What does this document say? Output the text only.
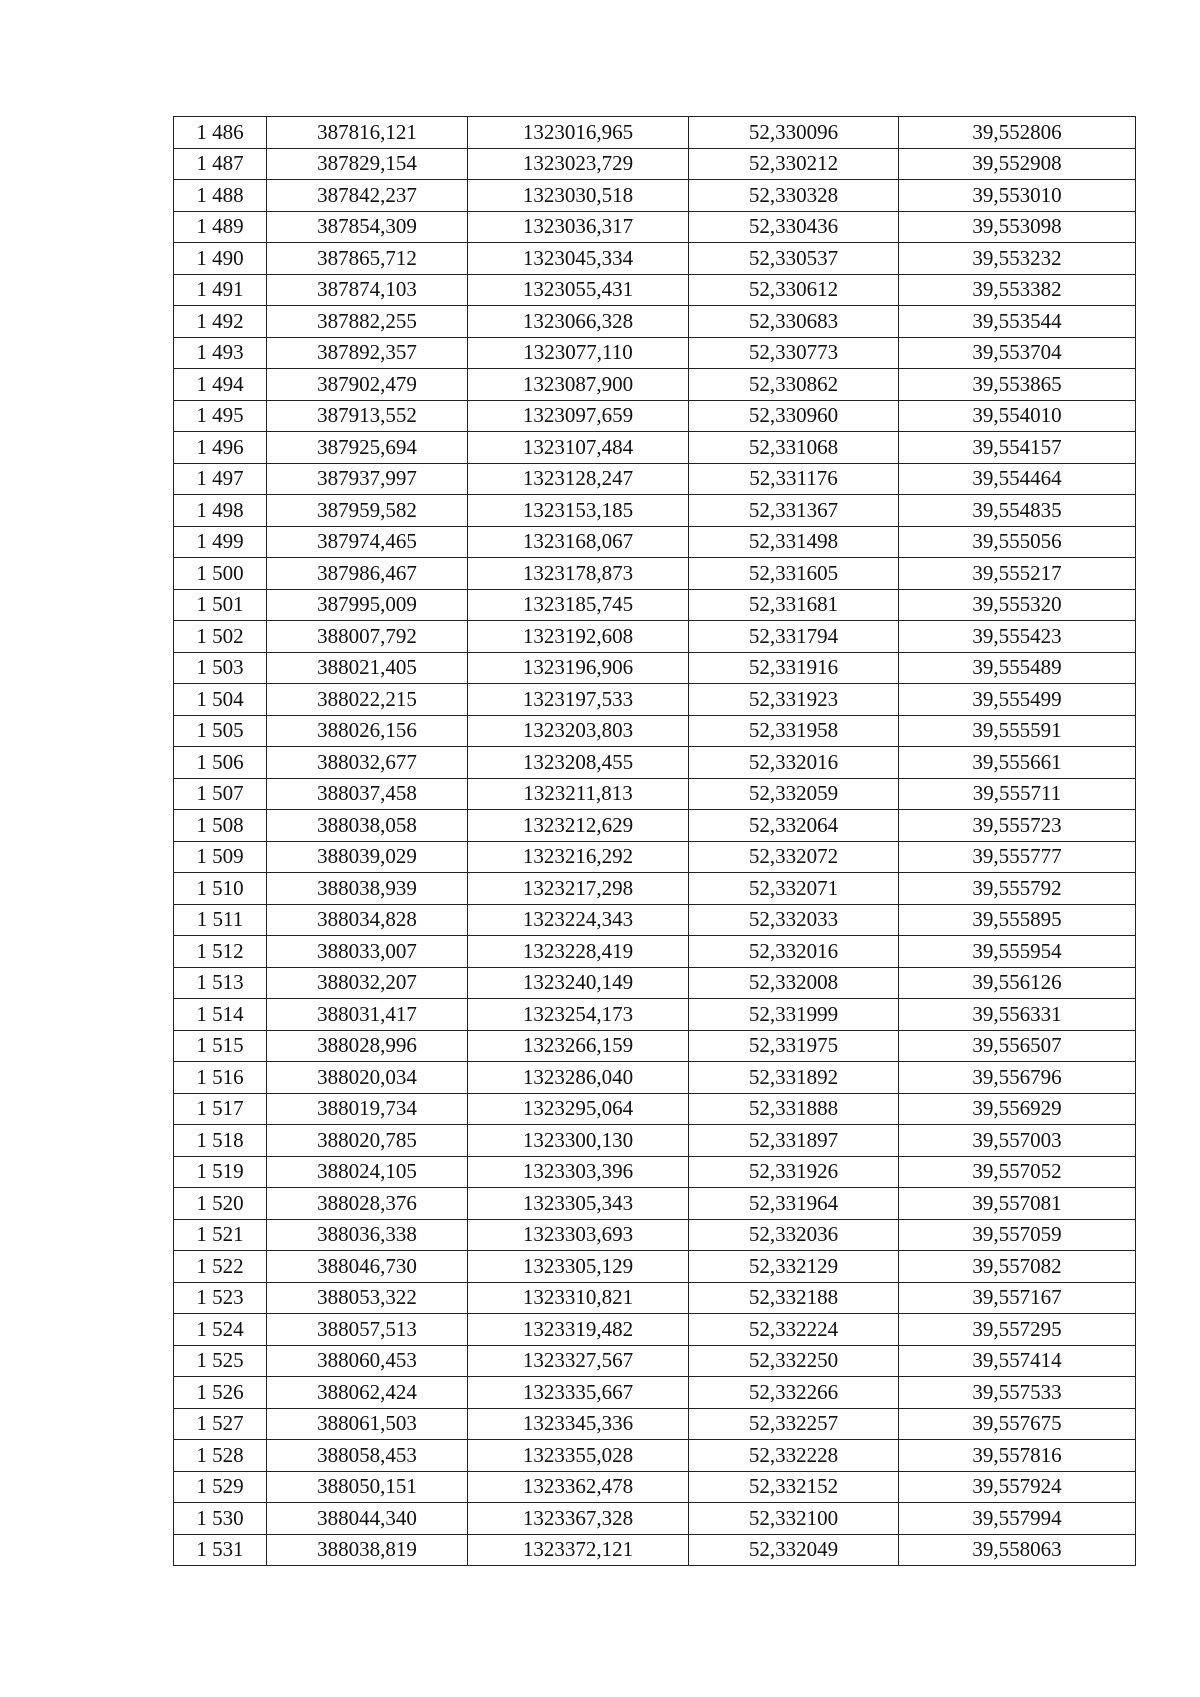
1 486	387816,121	1323016,965	52,330096	39,552806
1 487	387829,154	1323023,729	52,330212	39,552908
1 488	387842,237	1323030,518	52,330328	39,553010
1 489	387854,309	1323036,317	52,330436	39,553098
1 490	387865,712	1323045,334	52,330537	39,553232
1 491	387874,103	1323055,431	52,330612	39,553382
1 492	387882,255	1323066,328	52,330683	39,553544
1 493	387892,357	1323077,110	52,330773	39,553704
1 494	387902,479	1323087,900	52,330862	39,553865
1 495	387913,552	1323097,659	52,330960	39,554010
1 496	387925,694	1323107,484	52,331068	39,554157
1 497	387937,997	1323128,247	52,331176	39,554464
1 498	387959,582	1323153,185	52,331367	39,554835
1 499	387974,465	1323168,067	52,331498	39,555056
1 500	387986,467	1323178,873	52,331605	39,555217
1 501	387995,009	1323185,745	52,331681	39,555320
1 502	388007,792	1323192,608	52,331794	39,555423
1 503	388021,405	1323196,906	52,331916	39,555489
1 504	388022,215	1323197,533	52,331923	39,555499
1 505	388026,156	1323203,803	52,331958	39,555591
1 506	388032,677	1323208,455	52,332016	39,555661
1 507	388037,458	1323211,813	52,332059	39,555711
1 508	388038,058	1323212,629	52,332064	39,555723
1 509	388039,029	1323216,292	52,332072	39,555777
1 510	388038,939	1323217,298	52,332071	39,555792
1 511	388034,828	1323224,343	52,332033	39,555895
1 512	388033,007	1323228,419	52,332016	39,555954
1 513	388032,207	1323240,149	52,332008	39,556126
1 514	388031,417	1323254,173	52,331999	39,556331
1 515	388028,996	1323266,159	52,331975	39,556507
1 516	388020,034	1323286,040	52,331892	39,556796
1 517	388019,734	1323295,064	52,331888	39,556929
1 518	388020,785	1323300,130	52,331897	39,557003
1 519	388024,105	1323303,396	52,331926	39,557052
1 520	388028,376	1323305,343	52,331964	39,557081
1 521	388036,338	1323303,693	52,332036	39,557059
1 522	388046,730	1323305,129	52,332129	39,557082
1 523	388053,322	1323310,821	52,332188	39,557167
1 524	388057,513	1323319,482	52,332224	39,557295
1 525	388060,453	1323327,567	52,332250	39,557414
1 526	388062,424	1323335,667	52,332266	39,557533
1 527	388061,503	1323345,336	52,332257	39,557675
1 528	388058,453	1323355,028	52,332228	39,557816
1 529	388050,151	1323362,478	52,332152	39,557924
1 530	388044,340	1323367,328	52,332100	39,557994
1 531	388038,819	1323372,121	52,332049	39,558063
